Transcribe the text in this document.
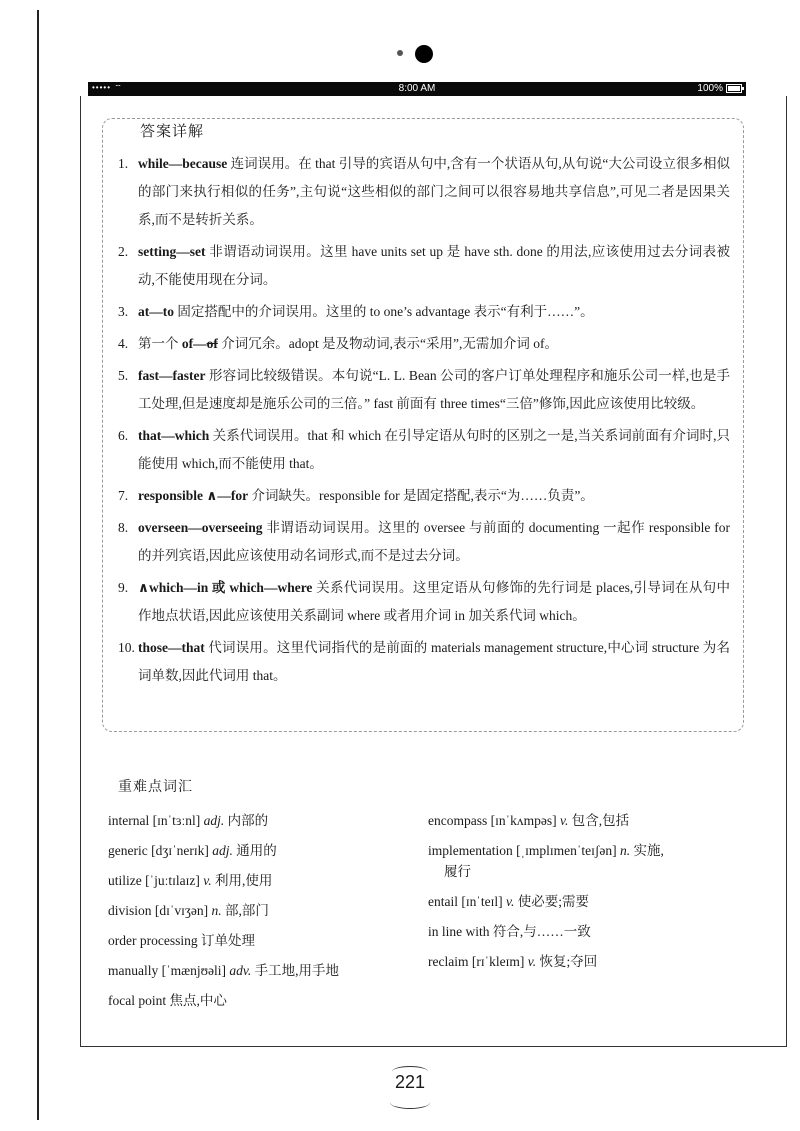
••••• ⌔	8:00 AM	100%
答案详解
1. while—because 连词误用。在 that 引导的宾语从句中,含有一个状语从句,从句说“大公司设立很多相似的部门来执行相似的任务”,主句说“这些相似的部门之间可以很容易地共享信息”,可见二者是因果关系,而不是转折关系。
2. setting—set 非谓语动词误用。这里 have units set up 是 have sth. done 的用法,应该使用过去分词表被动,不能使用现在分词。
3. at—to 固定搭配中的介词误用。这里的 to one’s advantage 表示“有利于……”。
4. 第一个 of—of 介词冗余。adopt 是及物动词,表示“采用”,无需加介词 of。
5. fast—faster 形容词比较级错误。本句说“L. L. Bean 公司的客户订单处理程序和施乐公司一样,也是手工处理,但是速度却是施乐公司的三倍。” fast 前面有 three times“三倍”修饰,因此应该使用比较级。
6. that—which 关系代词误用。that 和 which 在引导定语从句时的区别之一是,当关系词前面有介词时,只能使用 which,而不能使用 that。
7. responsible ∧—for 介词缺失。responsible for 是固定搭配,表示“为……负责”。
8. overseen—overseeing 非谓语动词误用。这里的 oversee 与前面的 documenting 一起作 responsible for 的并列宾语,因此应该使用动名词形式,而不是过去分词。
9. ∧which—in 或 which—where 关系代词误用。这里定语从句修饰的先行词是 places,引导词在从句中作地点状语,因此应该使用关系副词 where 或者用介词 in 加关系代词 which。
10. those—that 代词误用。这里代词指代的是前面的 materials management structure,中心词 structure 为名词单数,因此代词用 that。
重难点词汇
internal [ɪnˈtɜːnl] adj. 内部的
generic [dʒɪˈnerɪk] adj. 通用的
utilize [ˈjuːtɪlaɪz] v. 利用,使用
division [dɪˈvɪʒən] n. 部,部门
order processing 订单处理
manually [ˈmænjʊəli] adv. 手工地,用手地
focal point 焦点,中心
encompass [ɪnˈkʌmpəs] v. 包含,包括
implementation [ˌɪmplɪmenˈteɪʃən] n. 实施,
履行
entail [ɪnˈteɪl] v. 使必要;需要
in line with 符合,与……一致
reclaim [rɪˈkleɪm] v. 恢复;夺回
221
